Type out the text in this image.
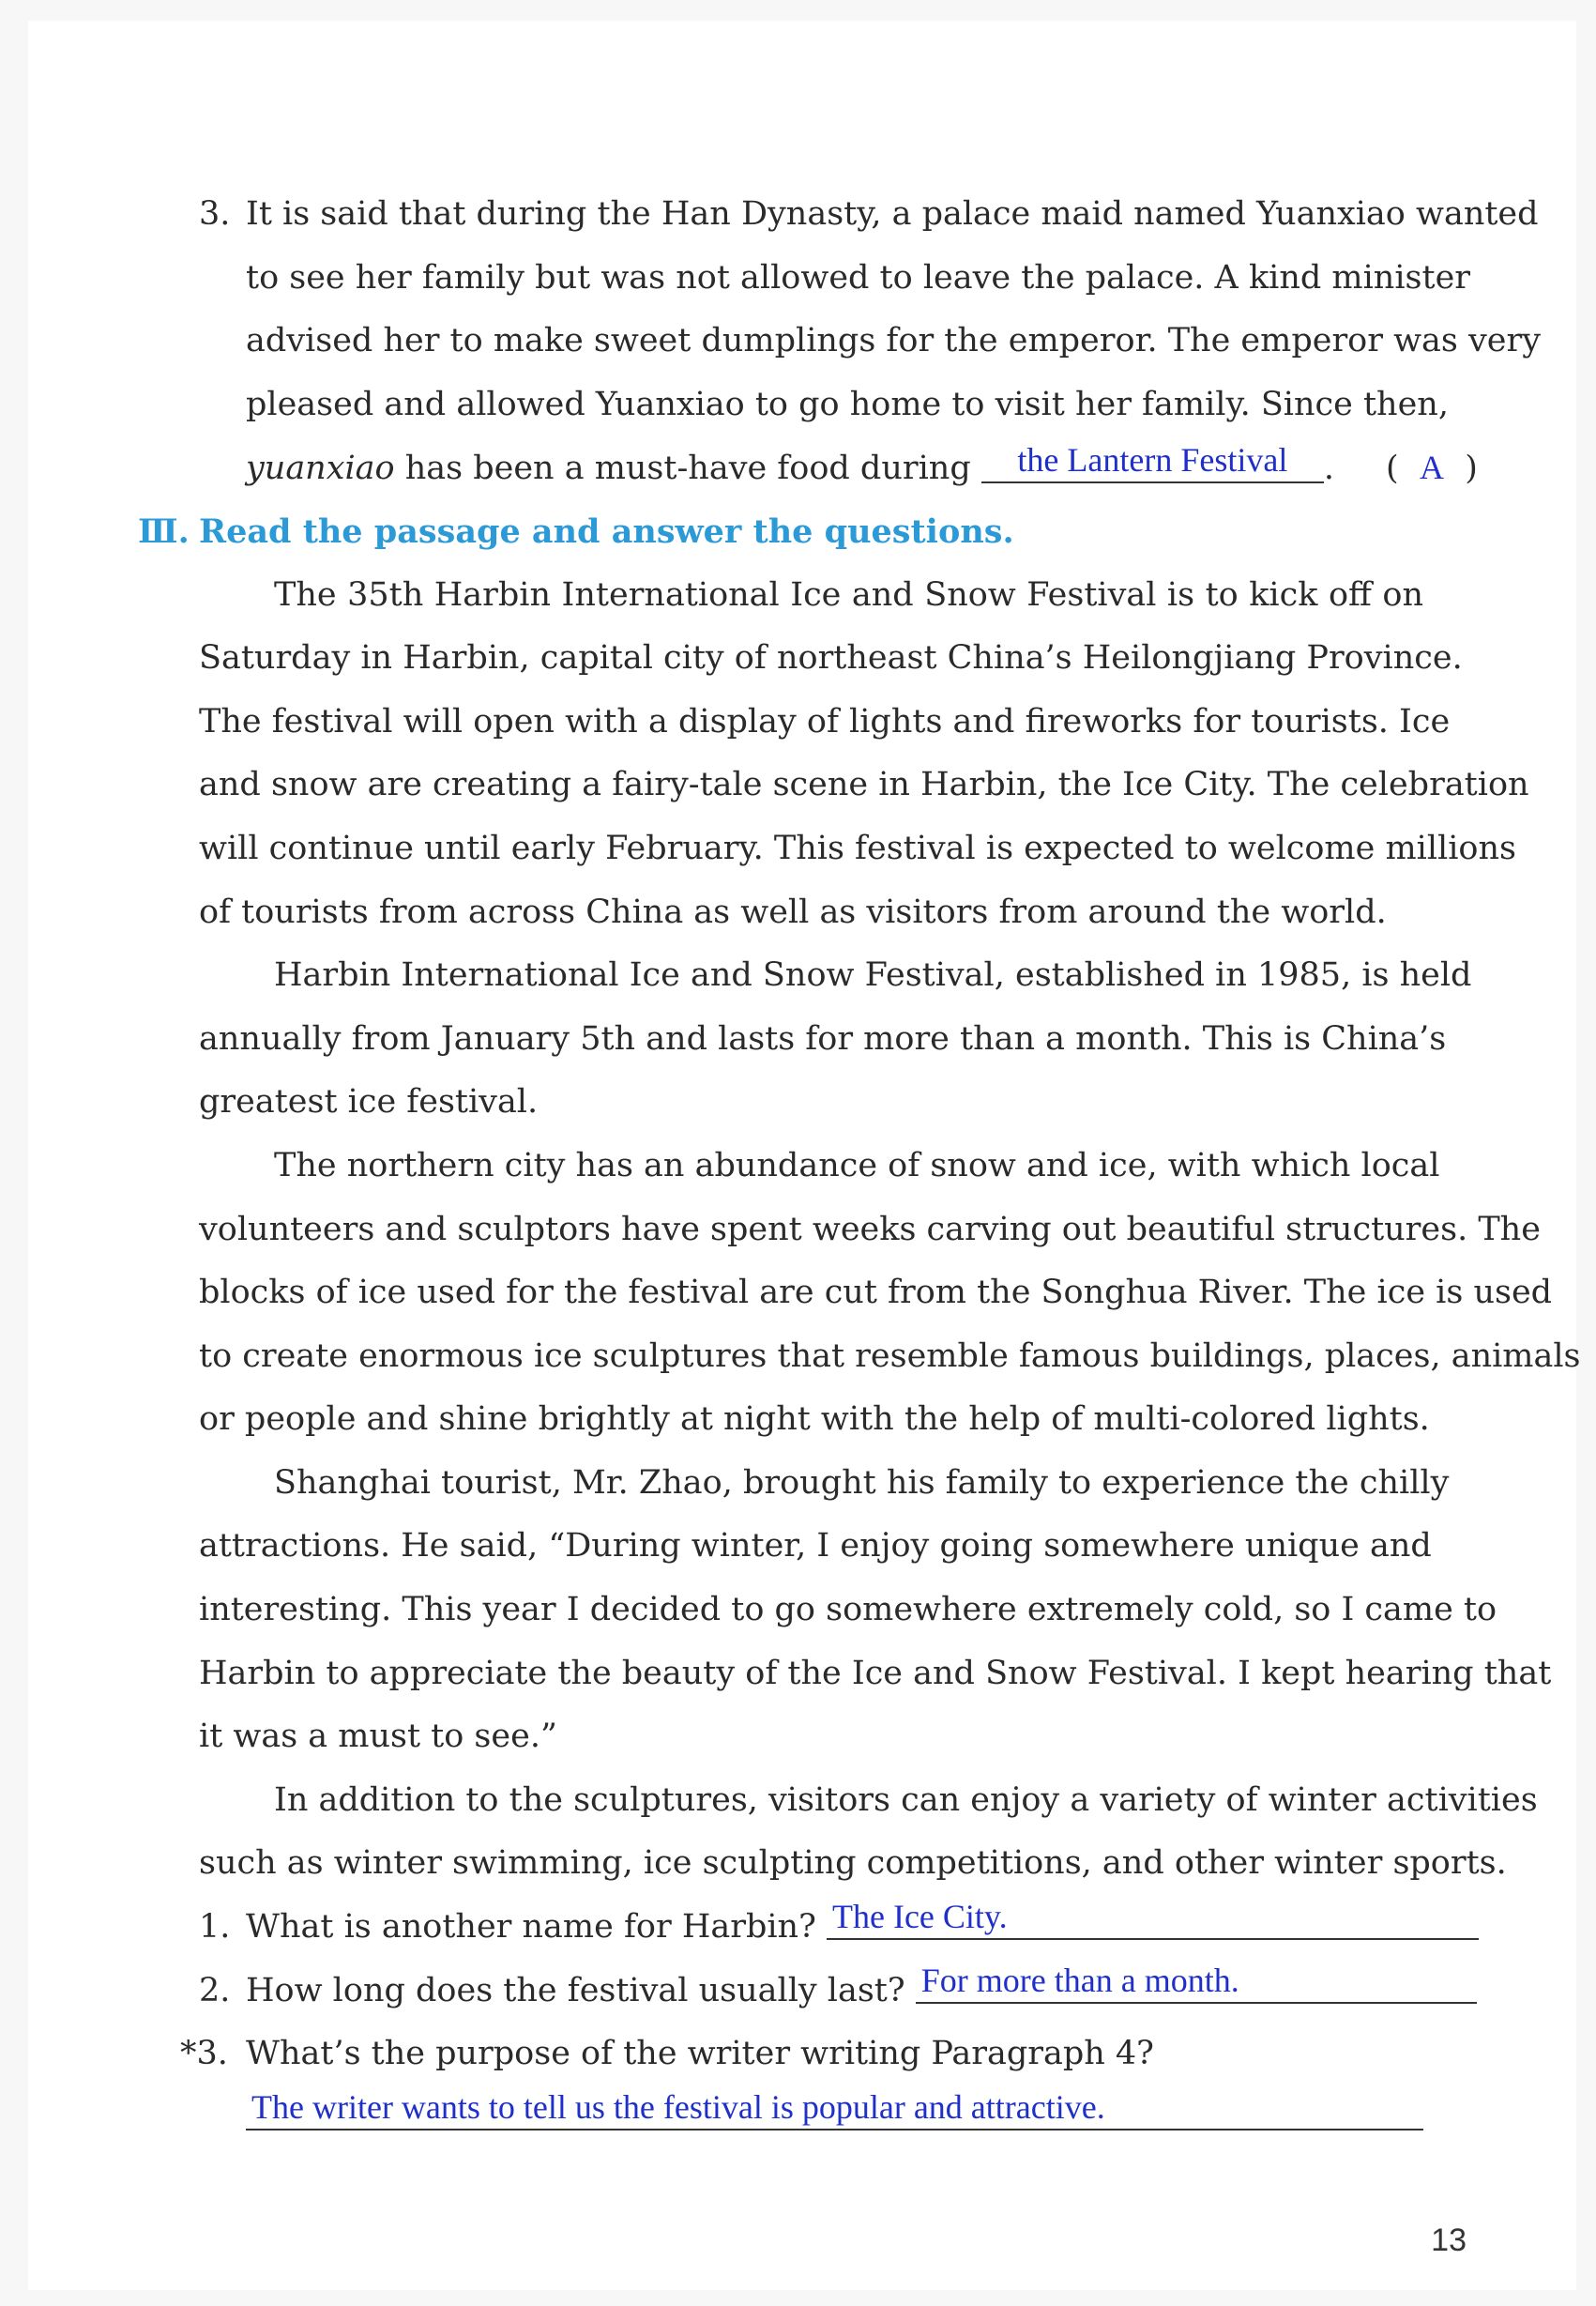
3. It is said that during the Han Dynasty, a palace maid named Yuanxiao wanted
to see her family but was not allowed to leave the palace. A kind minister
advised her to make sweet dumplings for the emperor. The emperor was very
pleased and allowed Yuanxiao to go home to visit her family. Since then,
yuanxiao has been a must-have food during the Lantern Festival . ( A )
Ⅲ. Read the passage and answer the questions.
The 35th Harbin International Ice and Snow Festival is to kick off on
Saturday in Harbin, capital city of northeast China’s Heilongjiang Province.
The festival will open with a display of lights and fireworks for tourists. Ice
and snow are creating a fairy-tale scene in Harbin, the Ice City. The celebration
will continue until early February. This festival is expected to welcome millions
of tourists from across China as well as visitors from around the world.
Harbin International Ice and Snow Festival, established in 1985, is held
annually from January 5th and lasts for more than a month. This is China’s
greatest ice festival.
The northern city has an abundance of snow and ice, with which local
volunteers and sculptors have spent weeks carving out beautiful structures. The
blocks of ice used for the festival are cut from the Songhua River. The ice is used
to create enormous ice sculptures that resemble famous buildings, places, animals
or people and shine brightly at night with the help of multi-colored lights.
Shanghai tourist, Mr. Zhao, brought his family to experience the chilly
attractions. He said, “During winter, I enjoy going somewhere unique and
interesting. This year I decided to go somewhere extremely cold, so I came to
Harbin to appreciate the beauty of the Ice and Snow Festival. I kept hearing that
it was a must to see.”
In addition to the sculptures, visitors can enjoy a variety of winter activities
such as winter swimming, ice sculpting competitions, and other winter sports.
1. What is another name for Harbin? The Ice City.
2. How long does the festival usually last? For more than a month.
*3. What’s the purpose of the writer writing Paragraph 4?
The writer wants to tell us the festival is popular and attractive.
13
